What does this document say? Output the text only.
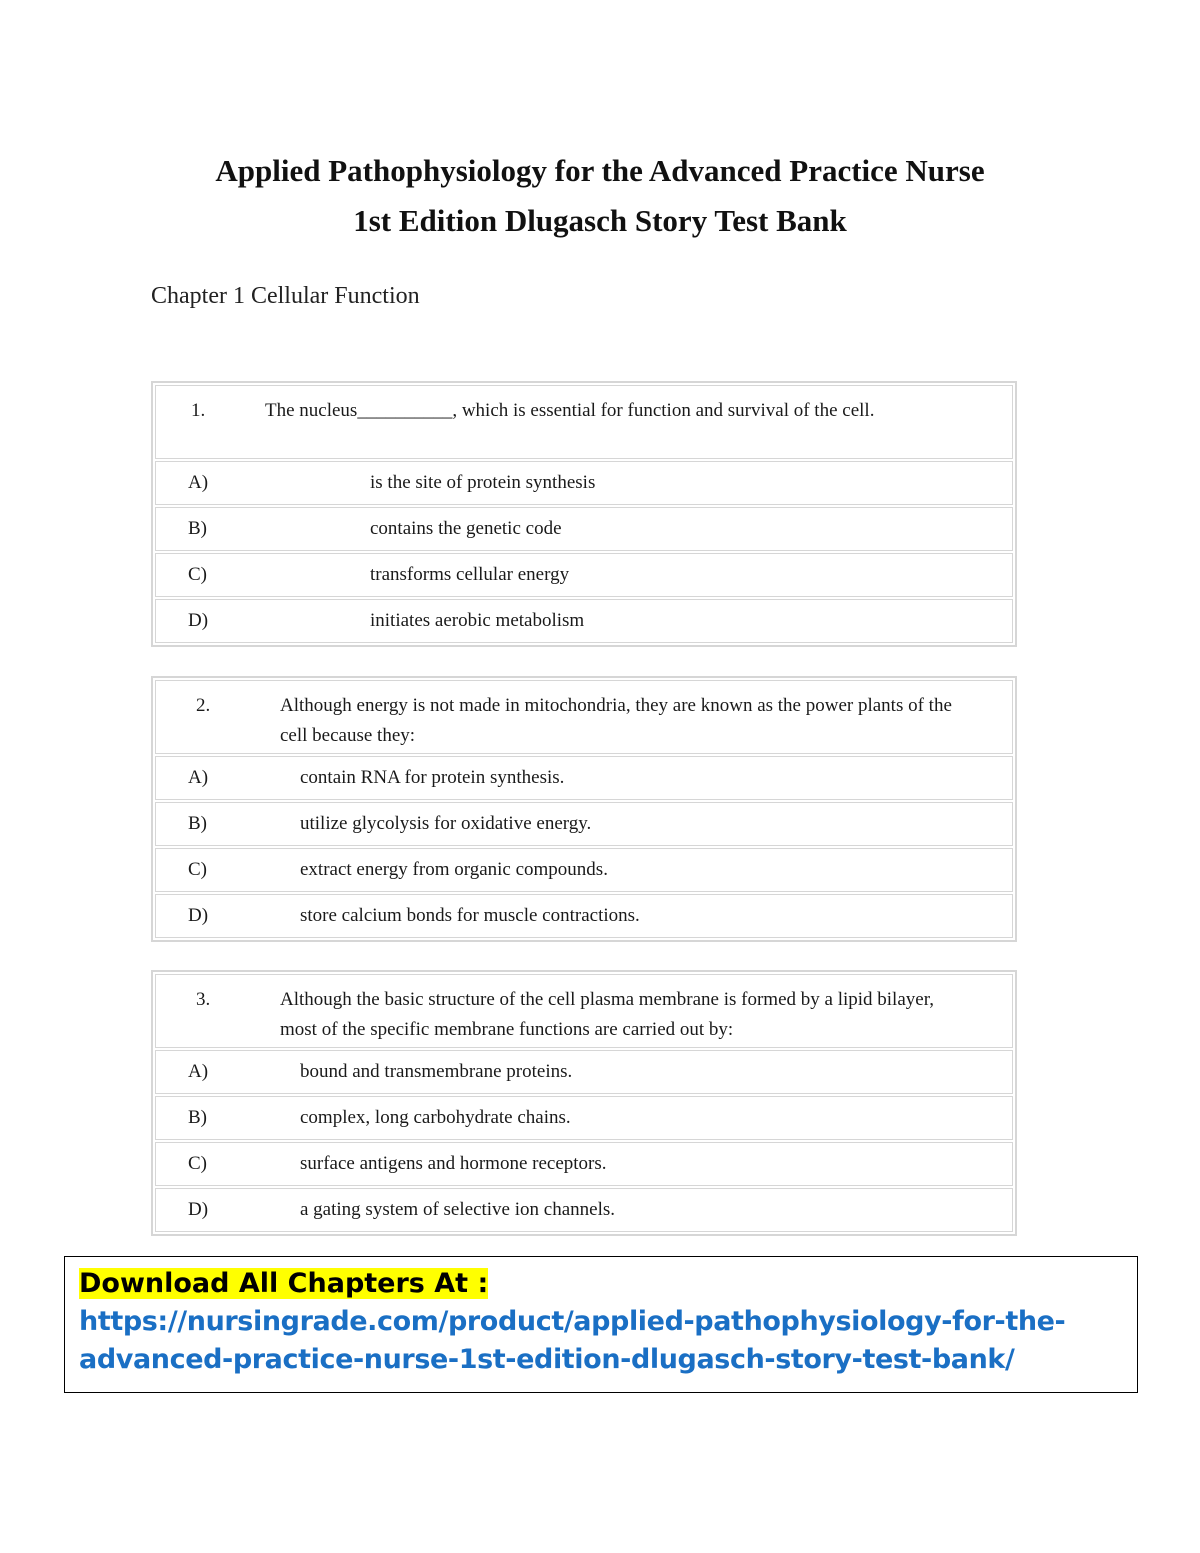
Applied Pathophysiology for the Advanced Practice Nurse
1st Edition Dlugasch Story Test Bank
Chapter 1 Cellular Function
1.	The nucleus__________, which is essential for function and survival of the cell.
A)	is the site of protein synthesis
B)	contains the genetic code
C)	transforms cellular energy
D)	initiates aerobic metabolism
2.	Although energy is not made in mitochondria, they are known as the power plants of the cell because they:
A)	contain RNA for protein synthesis.
B)	utilize glycolysis for oxidative energy.
C)	extract energy from organic compounds.
D)	store calcium bonds for muscle contractions.
3.	Although the basic structure of the cell plasma membrane is formed by a lipid bilayer, most of the specific membrane functions are carried out by:
A)	bound and transmembrane proteins.
B)	complex, long carbohydrate chains.
C)	surface antigens and hormone receptors.
D)	a gating system of selective ion channels.
Download All Chapters At :
https://nursingrade.com/product/applied-pathophysiology-for-the-
advanced-practice-nurse-1st-edition-dlugasch-story-test-bank/
